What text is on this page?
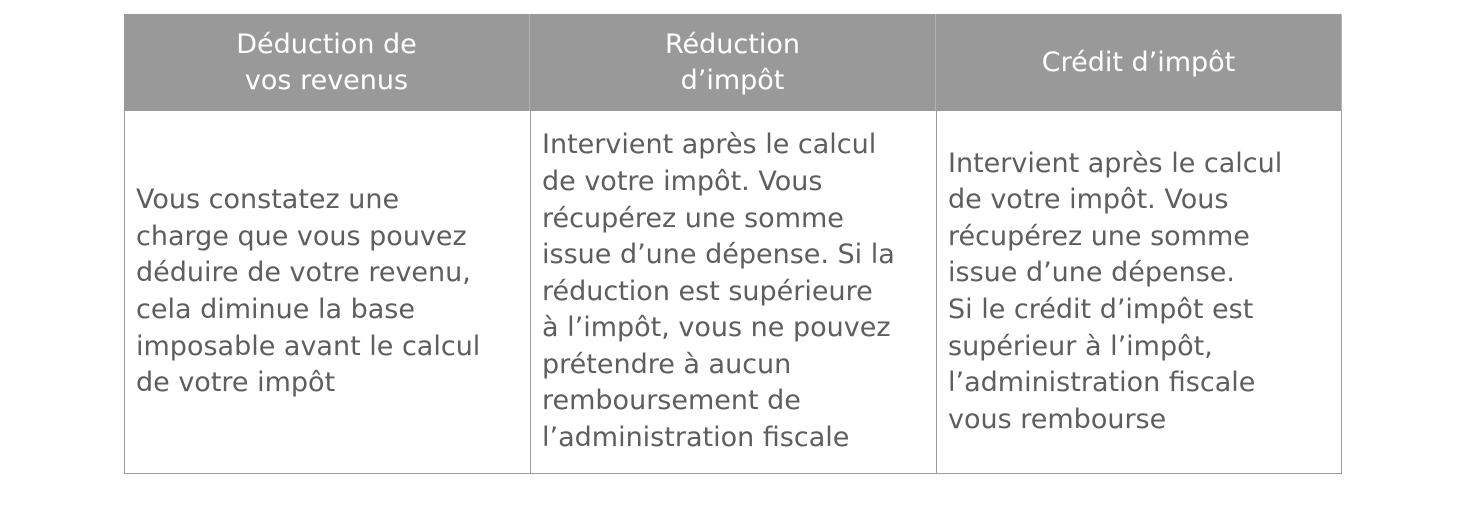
Déduction de
vos revenus
Réduction
d’impôt
Crédit d’impôt
Vous constatez une
charge que vous pouvez
déduire de votre revenu,
cela diminue la base
imposable avant le calcul
de votre impôt
Intervient après le calcul
de votre impôt. Vous
récupérez une somme
issue d’une dépense. Si la
réduction est supérieure
à l’impôt, vous ne pouvez
prétendre à aucun
remboursement de
l’administration fiscale
Intervient après le calcul
de votre impôt. Vous
récupérez une somme
issue d’une dépense.
Si le crédit d’impôt est
supérieur à l’impôt,
l’administration fiscale
vous rembourse
